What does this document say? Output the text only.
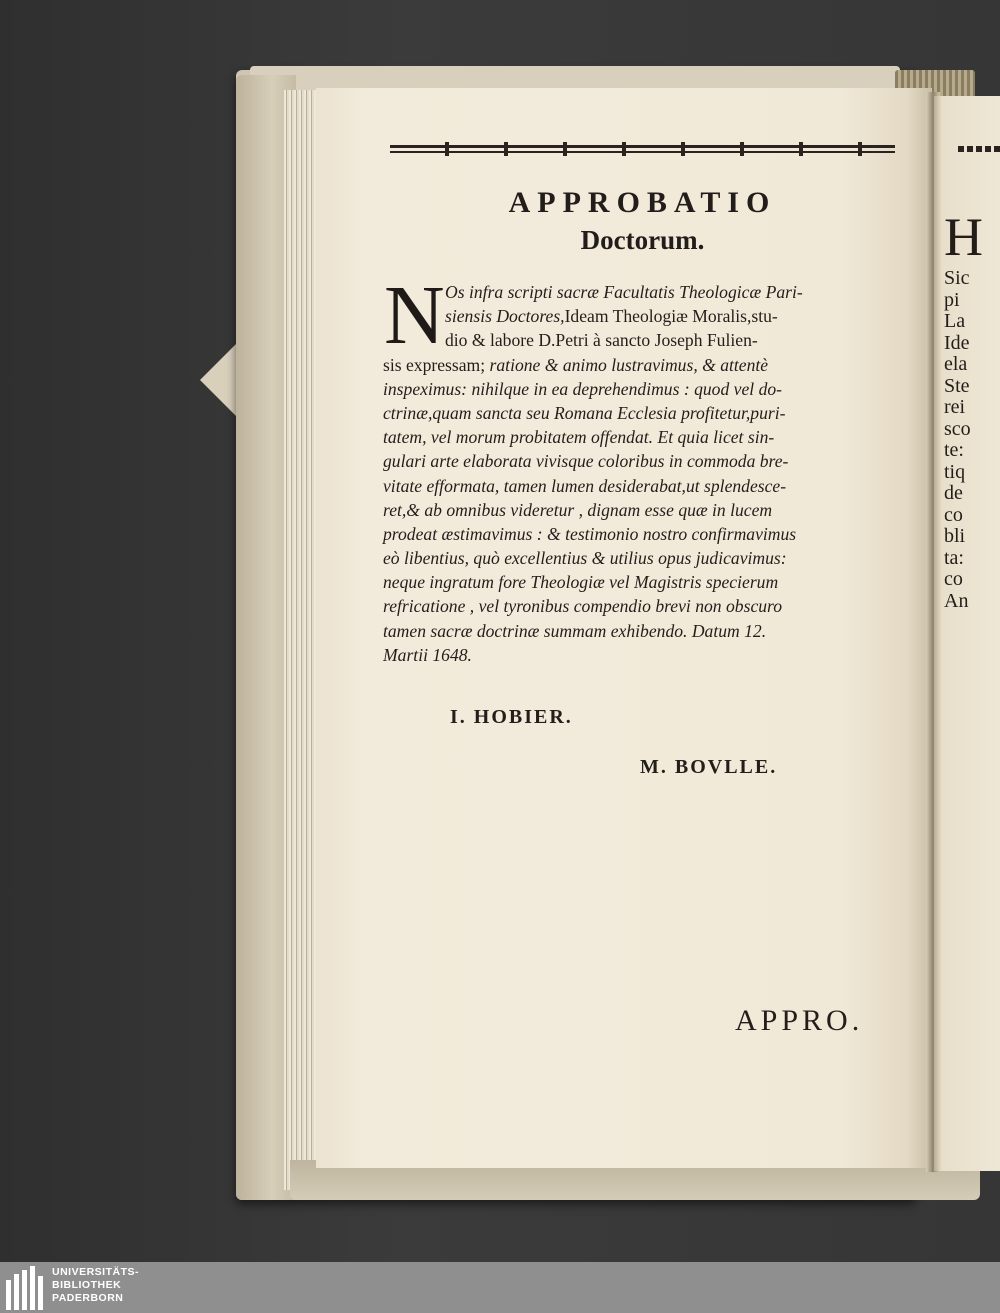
APPROBATIO
Doctorum.
N Os infra scripti sacræ Facultatis Theologicæ Pari-
siensis Doctores,Ideam Theologiæ Moralis,stu-
dio & labore D.Petri à sancto Joseph Fulien-
sis expressam; ratione & animo lustravimus, & attentè
inspeximus: nihilque in ea deprehendimus : quod vel do-
ctrinæ,quam sancta seu Romana Ecclesia profitetur,puri-
tatem, vel morum probitatem offendat. Et quia licet sin-
gulari arte elaborata vivisque coloribus in commoda bre-
vitate efformata, tamen lumen desiderabat,ut splendesce-
ret,& ab omnibus videretur , dignam esse quæ in lucem
prodeat æstimavimus : & testimonio nostro confirmavimus
eò libentius, quò excellentius & utilius opus judicavimus:
neque ingratum fore Theologiæ vel Magistris specierum
refricatione , vel tyronibus compendio brevi non obscuro
tamen sacræ doctrinæ summam exhibendo. Datum 12.
Martii 1648.
I. HOBIER.
M. BOVLLE.
APPRO.
H
Sic
pi
La
Ide
ela
Ste
rei
sco
te:
tiq
de
co
bli
ta:
co
An
UNIVERSITÄTS-
BIBLIOTHEK
PADERBORN
